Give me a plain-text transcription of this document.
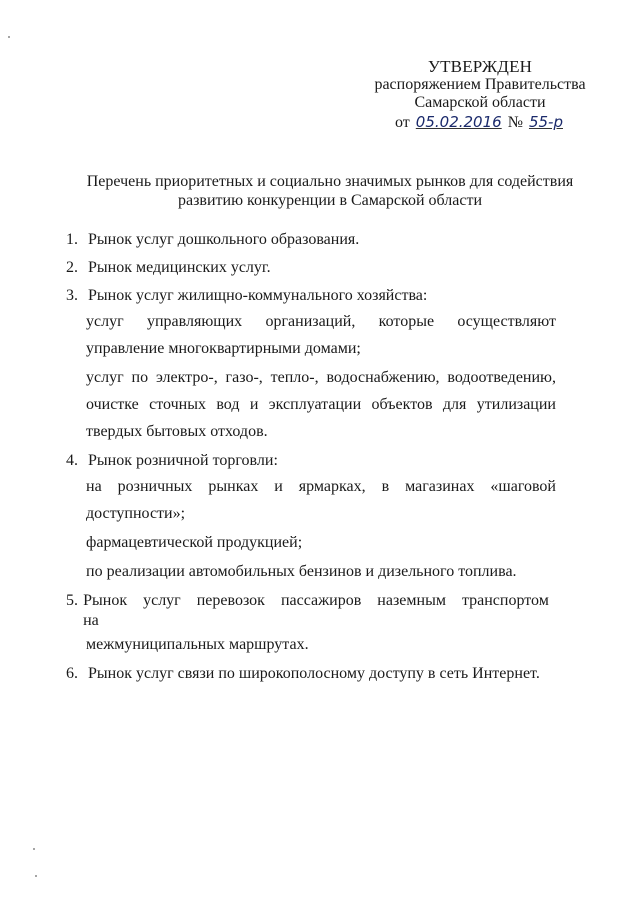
УТВЕРЖДЕН
распоряжением Правительства
Самарской области
от 05.02.2016 № 55-р
Перечень приоритетных и социально значимых рынков для содействия
развитию конкуренции в Самарской области
1. Рынок услуг дошкольного образования.
2. Рынок медицинских услуг.
3. Рынок услуг жилищно-коммунального хозяйства:
услуг управляющих организаций, которые осуществляют управление многоквартирными домами;
услуг по электро-, газо-, тепло-, водоснабжению, водоотведению, очистке сточных вод и эксплуатации объектов для утилизации твердых бытовых отходов.
4. Рынок розничной торговли:
на розничных рынках и ярмарках, в магазинах «шаговой доступности»;
фармацевтической продукцией;
по реализации автомобильных бензинов и дизельного топлива.
5. Рынок услуг перевозок пассажиров наземным транспортом на
межмуниципальных маршрутах.
6. Рынок услуг связи по широкополосному доступу в сеть Интернет.
